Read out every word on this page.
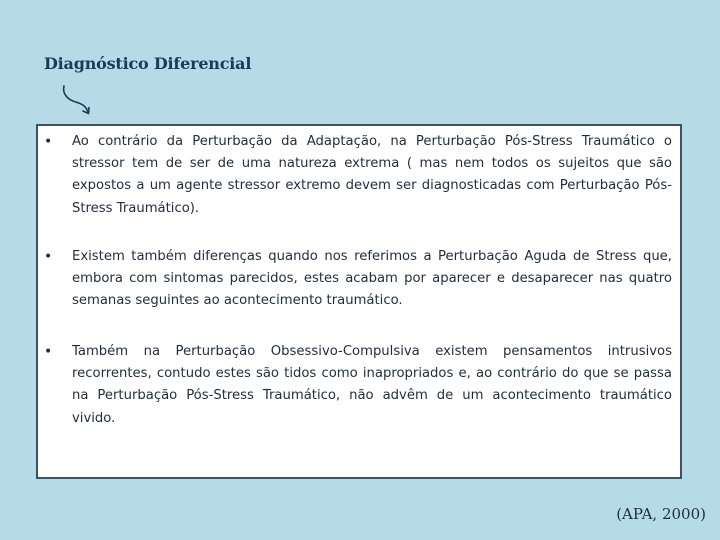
Diagnóstico Diferencial
• Ao contrário da Perturbação da Adaptação, na Perturbação Pós-Stress Traumático o stressor tem de ser de uma natureza extrema ( mas nem todos os sujeitos que são expostos a um agente stressor extremo devem ser diagnosticadas com Perturbação Pós-Stress Traumático).

• Existem também diferenças quando nos referimos a Perturbação Aguda de Stress que, embora com sintomas parecidos, estes acabam por aparecer e desaparecer nas quatro semanas seguintes ao acontecimento traumático.

• Também na Perturbação Obsessivo-Compulsiva existem pensamentos intrusivos recorrentes, contudo estes são tidos como inapropriados e, ao contrário do que se passa na Perturbação Pós-Stress Traumático, não advêm de um acontecimento traumático vivido.

(APA, 2000)
